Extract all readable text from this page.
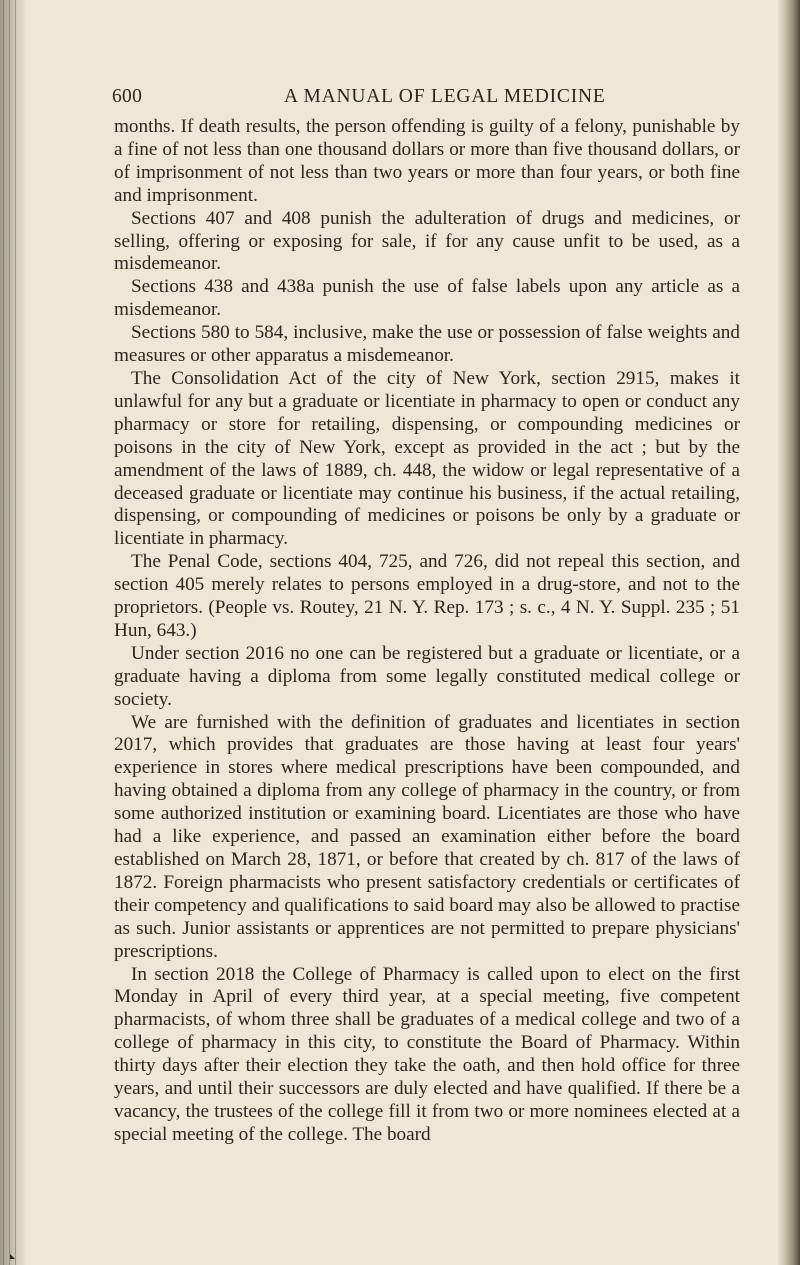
600	A MANUAL OF LEGAL MEDICINE

months. If death results, the person offending is guilty of a felony, punishable by a fine of not less than one thousand dollars or more than five thousand dollars, or of imprisonment of not less than two years or more than four years, or both fine and imprisonment.

Sections 407 and 408 punish the adulteration of drugs and medicines, or selling, offering or exposing for sale, if for any cause unfit to be used, as a misdemeanor.

Sections 438 and 438a punish the use of false labels upon any article as a misdemeanor.

Sections 580 to 584, inclusive, make the use or possession of false weights and measures or other apparatus a misdemeanor.

The Consolidation Act of the city of New York, section 2915, makes it unlawful for any but a graduate or licentiate in pharmacy to open or conduct any pharmacy or store for retailing, dispensing, or compounding medicines or poisons in the city of New York, except as provided in the act ; but by the amendment of the laws of 1889, ch. 448, the widow or legal representative of a deceased graduate or licentiate may continue his business, if the actual retailing, dispensing, or compounding of medicines or poisons be only by a graduate or licentiate in pharmacy.

The Penal Code, sections 404, 725, and 726, did not repeal this section, and section 405 merely relates to persons employed in a drug-store, and not to the proprietors. (People vs. Routey, 21 N. Y. Rep. 173 ; s. c., 4 N. Y. Suppl. 235 ; 51 Hun, 643.)

Under section 2016 no one can be registered but a graduate or licentiate, or a graduate having a diploma from some legally constituted medical college or society.

We are furnished with the definition of graduates and licentiates in section 2017, which provides that graduates are those having at least four years' experience in stores where medical prescriptions have been compounded, and having obtained a diploma from any college of pharmacy in the country, or from some authorized institution or examining board. Licentiates are those who have had a like experience, and passed an examination either before the board established on March 28, 1871, or before that created by ch. 817 of the laws of 1872. Foreign pharmacists who present satisfactory credentials or certificates of their competency and qualifications to said board may also be allowed to practise as such. Junior assistants or apprentices are not permitted to prepare physicians' prescriptions.

In section 2018 the College of Pharmacy is called upon to elect on the first Monday in April of every third year, at a special meeting, five competent pharmacists, of whom three shall be graduates of a medical college and two of a college of pharmacy in this city, to constitute the Board of Pharmacy. Within thirty days after their election they take the oath, and then hold office for three years, and until their successors are duly elected and have qualified. If there be a vacancy, the trustees of the college fill it from two or more nominees elected at a special meeting of the college. The board
